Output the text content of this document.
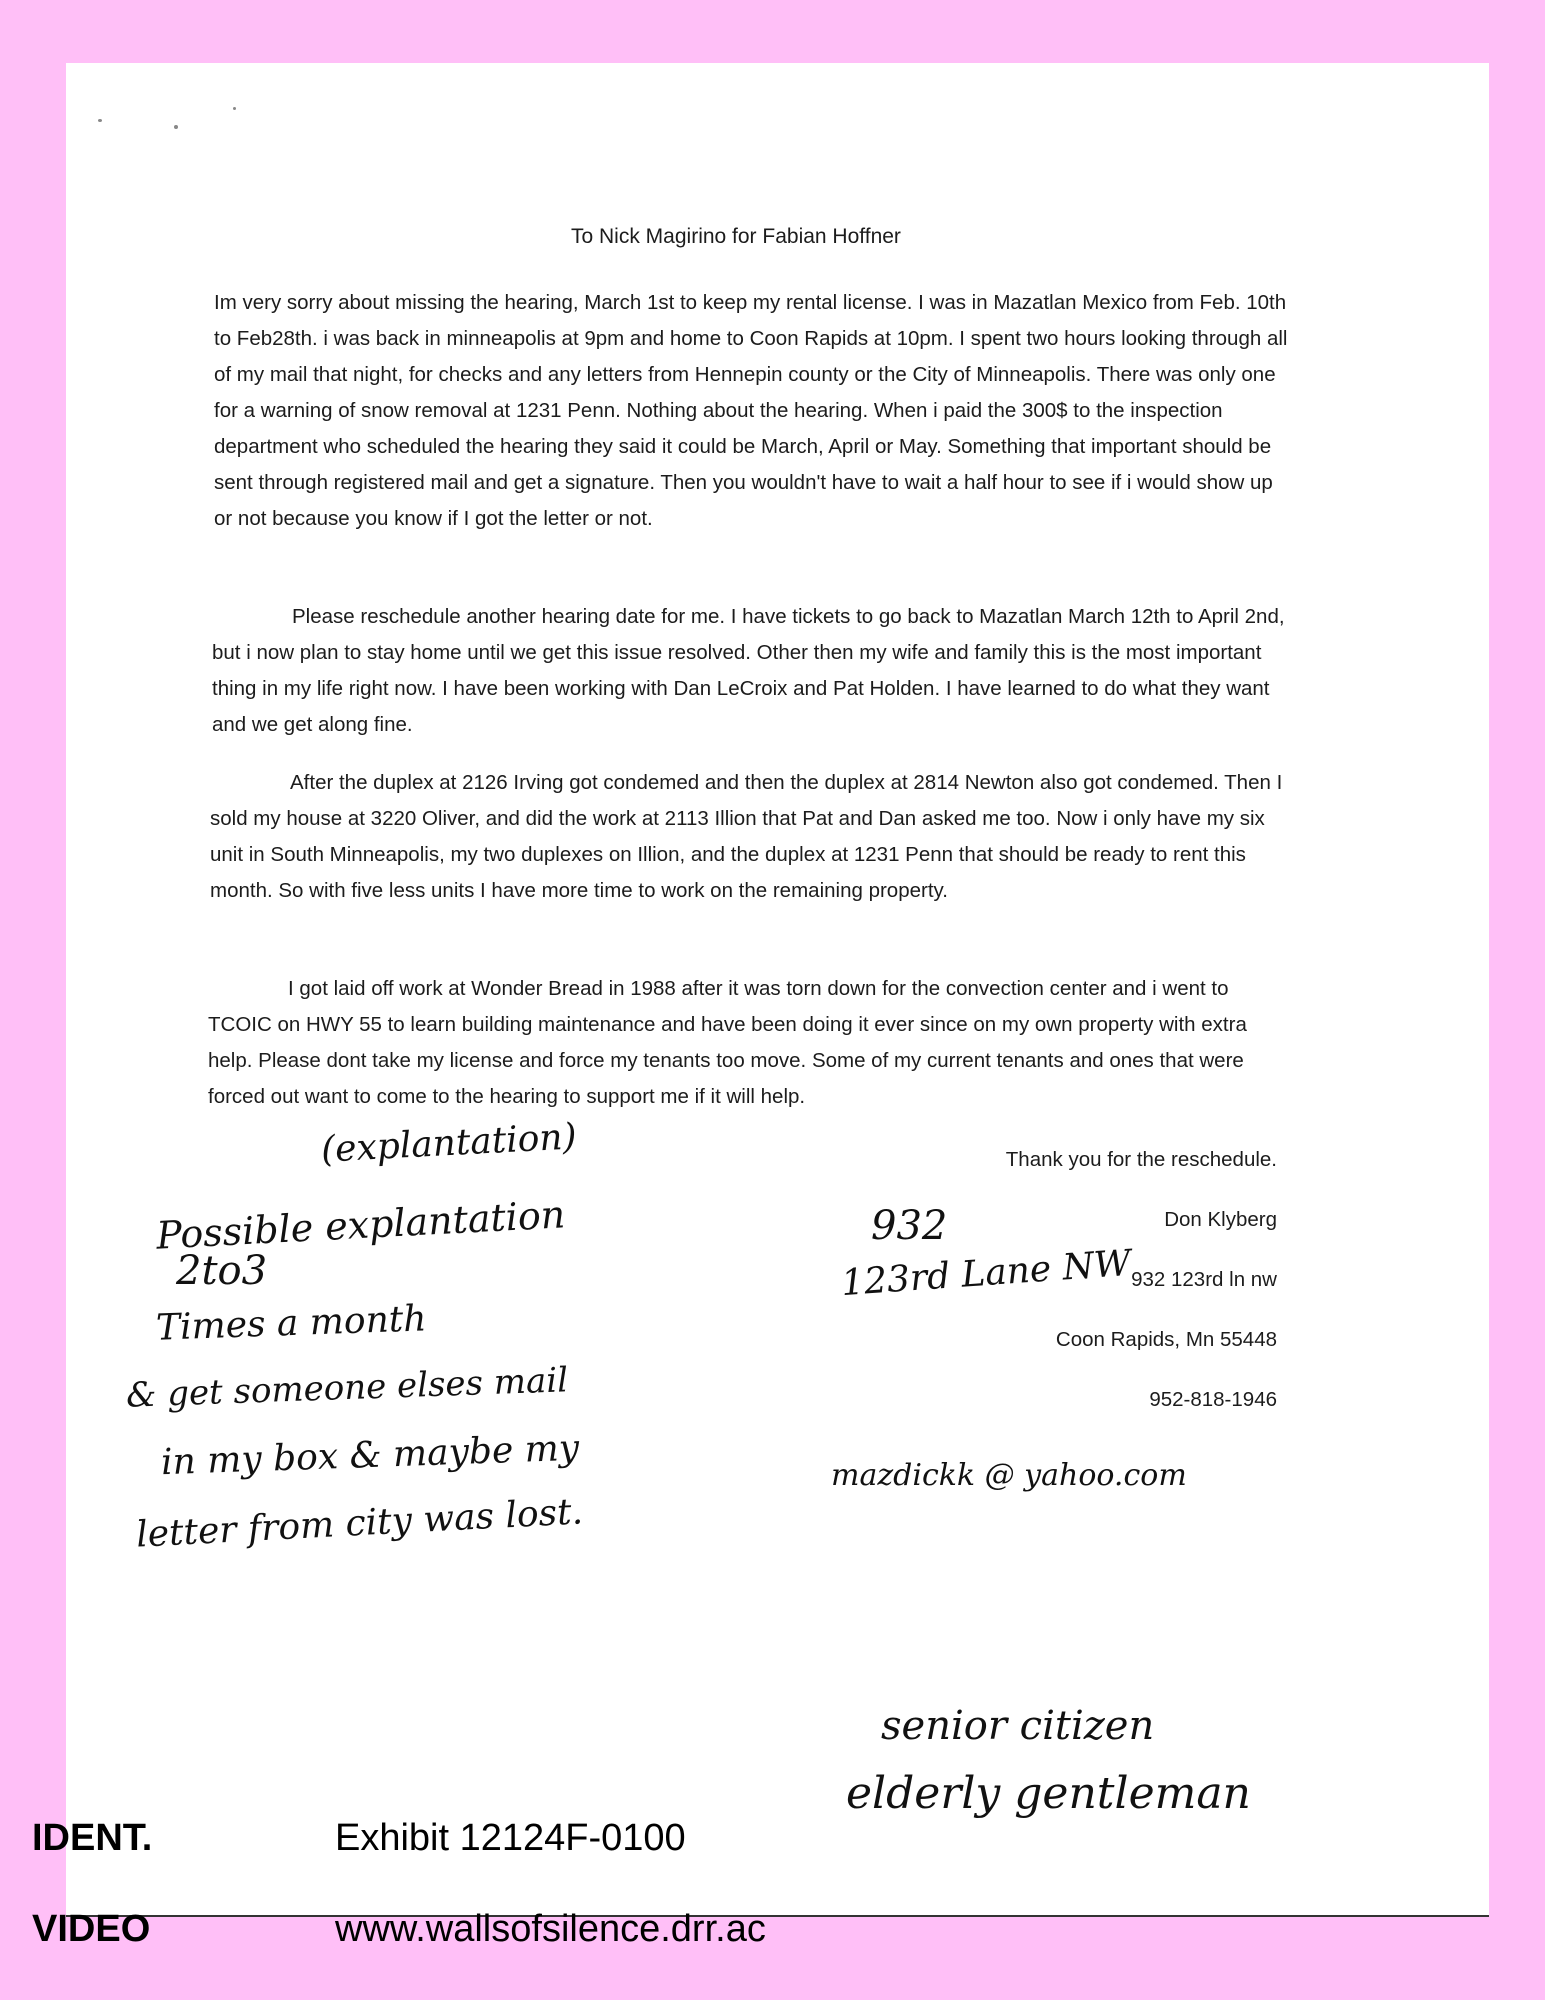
To Nick Magirino for Fabian Hoffner

Im very sorry about missing the hearing, March 1st to keep my rental license. I was in Mazatlan Mexico from Feb. 10th to Feb28th. i was back in minneapolis at 9pm and home to Coon Rapids at 10pm. I spent two hours looking through all of my mail that night, for checks and any letters from Hennepin county or the City of Minneapolis. There was only one for a warning of snow removal at 1231 Penn. Nothing about the hearing. When i paid the 300$ to the inspection department who scheduled the hearing they said it could be March, April or May. Something that important should be sent through registered mail and get a signature. Then you wouldn't have to wait a half hour to see if i would show up or not because you know if I got the letter or not.

Please reschedule another hearing date for me. I have tickets to go back to Mazatlan March 12th to April 2nd, but i now plan to stay home until we get this issue resolved. Other then my wife and family this is the most important thing in my life right now. I have been working with Dan LeCroix and Pat Holden. I have learned to do what they want and we get along fine.

After the duplex at 2126 Irving got condemed and then the duplex at 2814 Newton also got condemed. Then I sold my house at 3220 Oliver, and did the work at 2113 Illion that Pat and Dan asked me too. Now i only have my six unit in South Minneapolis, my two duplexes on Illion, and the duplex at 1231 Penn that should be ready to rent this month. So with five less units I have more time to work on the remaining property.

I got laid off work at Wonder Bread in 1988 after it was torn down for the convection center and i went to TCOIC on HWY 55 to learn building maintenance and have been doing it ever since on my own property with extra help. Please dont take my license and force my tenants too move. Some of my current tenants and ones that were forced out want to come to the hearing to support me if it will help.

Thank you for the reschedule.
Don Klyberg
932 123rd ln nw
Coon Rapids, Mn 55448
952-818-1946
(explantation)
Possible explantation
2to3
Times a month
& get someone elses mail
in my box & maybe my
letter from city was lost.
932
123rd Lane NW
mazdickk @ yahoo.com
senior citizen
elderly gentleman
IDENT.	Exhibit 12124F-0100
VIDEO	www.wallsofsilence.drr.ac
